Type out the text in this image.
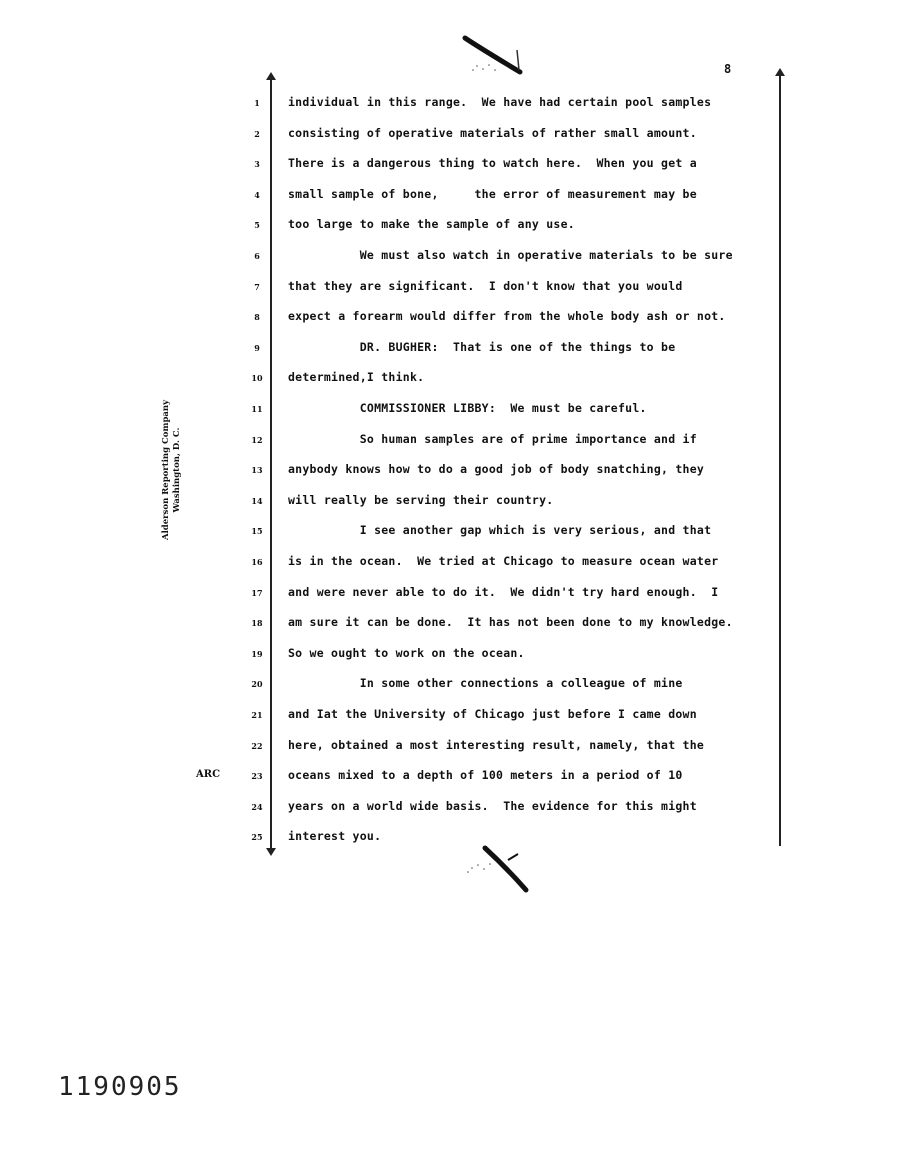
8
Alderson Reporting Company Washington, D. C.
ARC
1	individual in this range.  We have had certain pool samples
2	consisting of operative materials of rather small amount.
3	There is a dangerous thing to watch here.  When you get a
4	small sample of bone,     the error of measurement may be
5	too large to make the sample of any use.
6	We must also watch in operative materials to be sure
7	that they are significant.  I don't know that you would
8	expect a forearm would differ from the whole body ash or not.
9	DR. BUGHER:  That is one of the things to be
10 determined,I think.
11 COMMISSIONER LIBBY:  We must be careful.
12 So human samples are of prime importance and if
13 anybody knows how to do a good job of body snatching, they
14 will really be serving their country.
15 I see another gap which is very serious, and that
16 is in the ocean.  We tried at Chicago to measure ocean water
17 and were never able to do it.  We didn't try hard enough.  I
18 am sure it can be done.  It has not been done to my knowledge.
19 So we ought to work on the ocean.
20 In some other connections a colleague of mine
21 and Iat the University of Chicago just before I came down
22 here, obtained a most interesting result, namely, that the
23 oceans mixed to a depth of 100 meters in a period of 10
24 years on a world wide basis.  The evidence for this might
25 interest you.
1190905
